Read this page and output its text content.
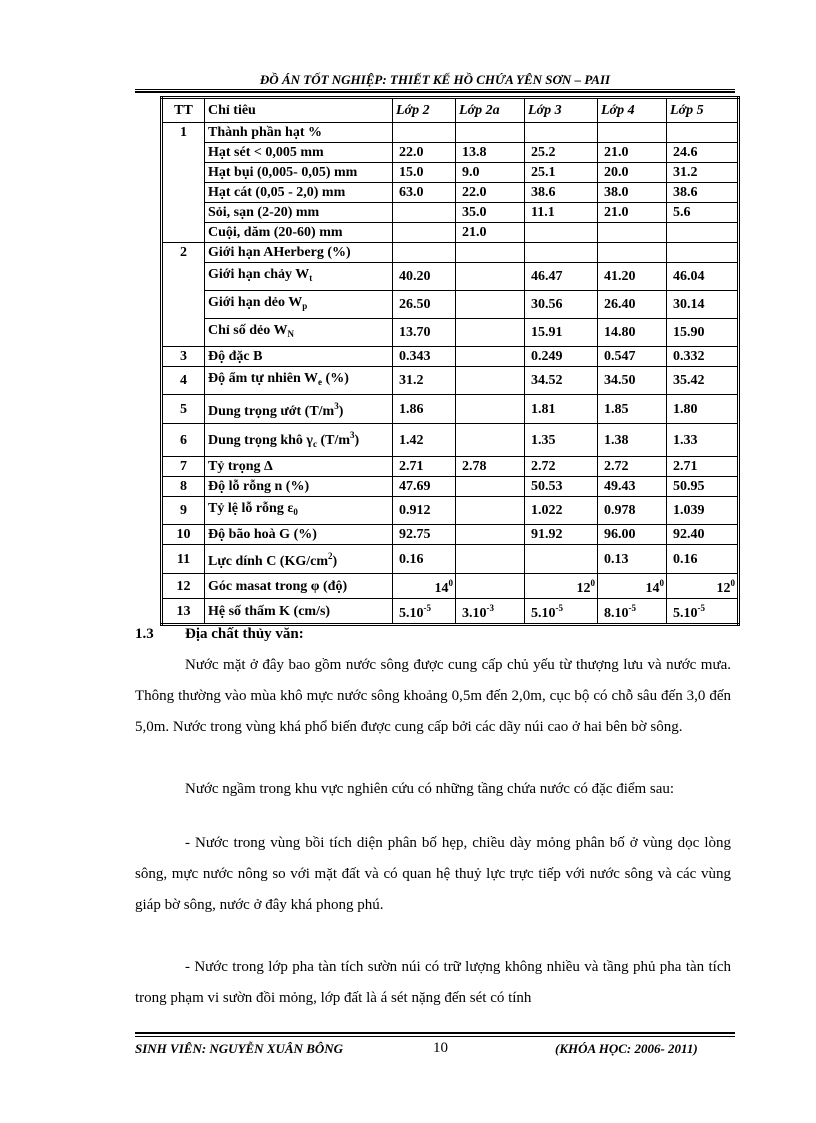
ĐỒ ÁN TỐT NGHIỆP: THIẾT KẾ HỒ CHỨA YÊN SƠN – PAII
TT	Chỉ tiêu	Lớp 2	Lớp 2a	Lớp 3	Lớp 4	Lớp 5
1	Thành phần hạt %					
	Hạt sét < 0,005 mm	22.0	13.8	25.2	21.0	24.6
	Hạt bụi (0,005- 0,05) mm	15.0	9.0	25.1	20.0	31.2
	Hạt cát (0,05 - 2,0) mm	63.0	22.0	38.6	38.0	38.6
	Sỏi, sạn (2-20) mm		35.0	11.1	21.0	5.6
	Cuội, dăm (20-60) mm		21.0			
2	Giới hạn AHerberg (%)					
	Giới hạn chảy $W_t$	40.20		46.47	41.20	46.04
	Giới hạn dẻo $W_p$	26.50		30.56	26.40	30.14
	Chỉ số dẻo $W_N$	13.70		15.91	14.80	15.90
3	Độ đặc B	0.343		0.249	0.547	0.332
4	Độ ẩm tự nhiên $W_e$ (%)	31.2		34.52	34.50	35.42
5	Dung trọng ướt $(T/m^3)$	1.86		1.81	1.85	1.80
6	Dung trọng khô $\gamma_c$ $(T/m^3)$	1.42		1.35	1.38	1.33
7	Tỷ trọng Δ	2.71	2.78	2.72	2.72	2.71
8	Độ lỗ rỗng n (%)	47.69		50.53	49.43	50.95
9	Tỷ lệ lỗ rỗng $\varepsilon_0$	0.912		1.022	0.978	1.039
10	Độ bão hoà G (%)	92.75		91.92	96.00	92.40
11	Lực dính C $(KG/cm^2)$	0.16			0.13	0.16
12	Góc masat trong φ (độ)	$14^0$		$12^0$	$14^0$	$12^0$
13	Hệ số thấm K (cm/s)	$5.10^{-5}$	$3.10^{-3}$	$5.10^{-5}$	$8.10^{-5}$	$5.10^{-5}$
1.3 Địa chất thủy văn:

Nước mặt ở đây bao gồm nước sông được cung cấp chủ yếu từ thượng lưu và nước mưa. Thông thường vào mùa khô mực nước sông khoảng 0,5m đến 2,0m, cục bộ có chỗ sâu đến 3,0 đến 5,0m. Nước trong vùng khá phổ biến được cung cấp bởi các dãy núi cao ở hai bên bờ sông.

Nước ngầm trong khu vực nghiên cứu có những tầng chứa nước có đặc điểm sau:

- Nước trong vùng bồi tích diện phân bố hẹp, chiều dày mỏng phân bố ở vùng dọc lòng sông, mực nước nông so với mặt đất và có quan hệ thuỷ lực trực tiếp với nước sông và các vùng giáp bờ sông, nước ở đây khá phong phú.

- Nước trong lớp pha tàn tích sườn núi có trữ lượng không nhiều và tầng phủ pha tàn tích trong phạm vi sườn đồi mỏng, lớp đất là á sét nặng đến sét có tính

SINH VIÊN: NGUYỄN XUÂN BÔNG	10	(KHÓA HỌC: 2006- 2011)
